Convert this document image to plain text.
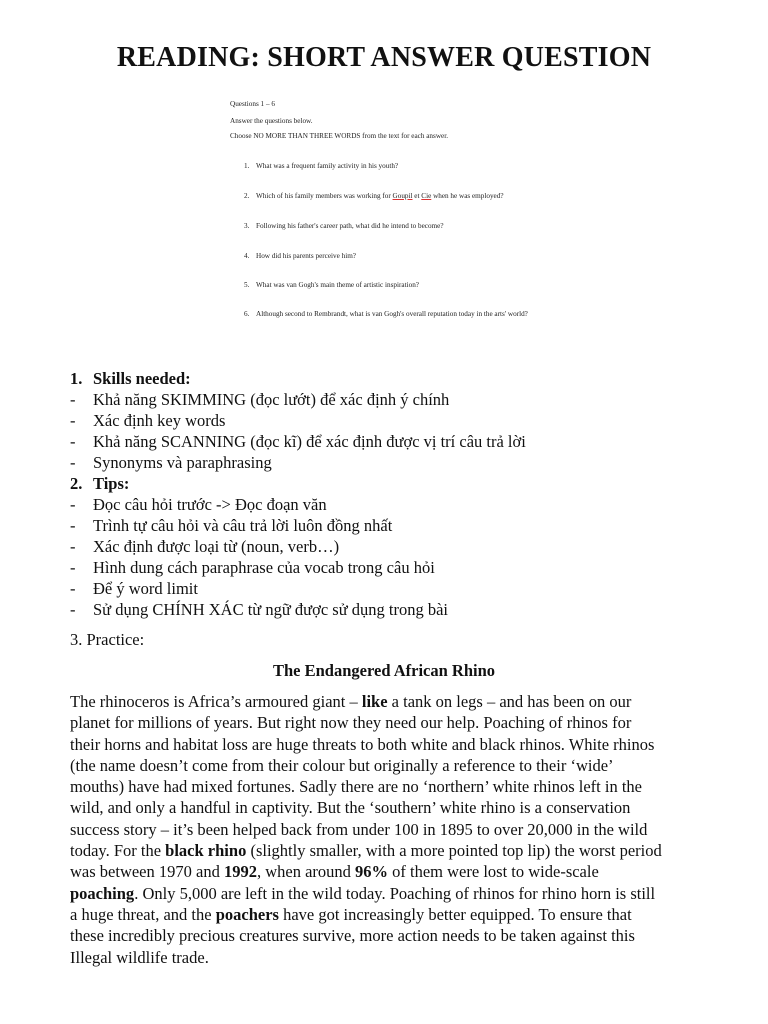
READING: SHORT ANSWER QUESTION
Questions 1 – 6
Answer the questions below.
Choose NO MORE THAN THREE WORDS from the text for each answer.
1. What was a frequent family activity in his youth?
2. Which of his family members was working for Goupil et Cie when he was employed?
3. Following his father's career path, what did he intend to become?
4. How did his parents perceive him?
5. What was van Gogh's main theme of artistic inspiration?
6. Although second to Rembrandt, what is van Gogh's overall reputation today in the arts' world?
1. Skills needed:
- Khả năng SKIMMING (đọc lướt) để xác định ý chính
- Xác định key words
- Khả năng SCANNING (đọc kĩ) để xác định được vị trí câu trả lời
- Synonyms và paraphrasing
2. Tips:
- Đọc câu hỏi trước -> Đọc đoạn văn
- Trình tự câu hỏi và câu trả lời luôn đồng nhất
- Xác định được loại từ (noun, verb…)
- Hình dung cách paraphrase của vocab trong câu hỏi
- Để ý word limit
- Sử dụng CHÍNH XÁC từ ngữ được sử dụng trong bài
3. Practice:
The Endangered African Rhino
The rhinoceros is Africa’s armoured giant – like a tank on legs – and has been on our
planet for millions of years. But right now they need our help. Poaching of rhinos for
their horns and habitat loss are huge threats to both white and black rhinos. White rhinos
(the name doesn’t come from their colour but originally a reference to their ‘wide’
mouths) have had mixed fortunes. Sadly there are no ‘northern’ white rhinos left in the
wild, and only a handful in captivity. But the ‘southern’ white rhino is a conservation
success story – it’s been helped back from under 100 in 1895 to over 20,000 in the wild
today. For the black rhino (slightly smaller, with a more pointed top lip) the worst period
was between 1970 and 1992, when around 96% of them were lost to wide-scale
poaching. Only 5,000 are left in the wild today. Poaching of rhinos for rhino horn is still
a huge threat, and the poachers have got increasingly better equipped. To ensure that
these incredibly precious creatures survive, more action needs to be taken against this
Illegal wildlife trade.
